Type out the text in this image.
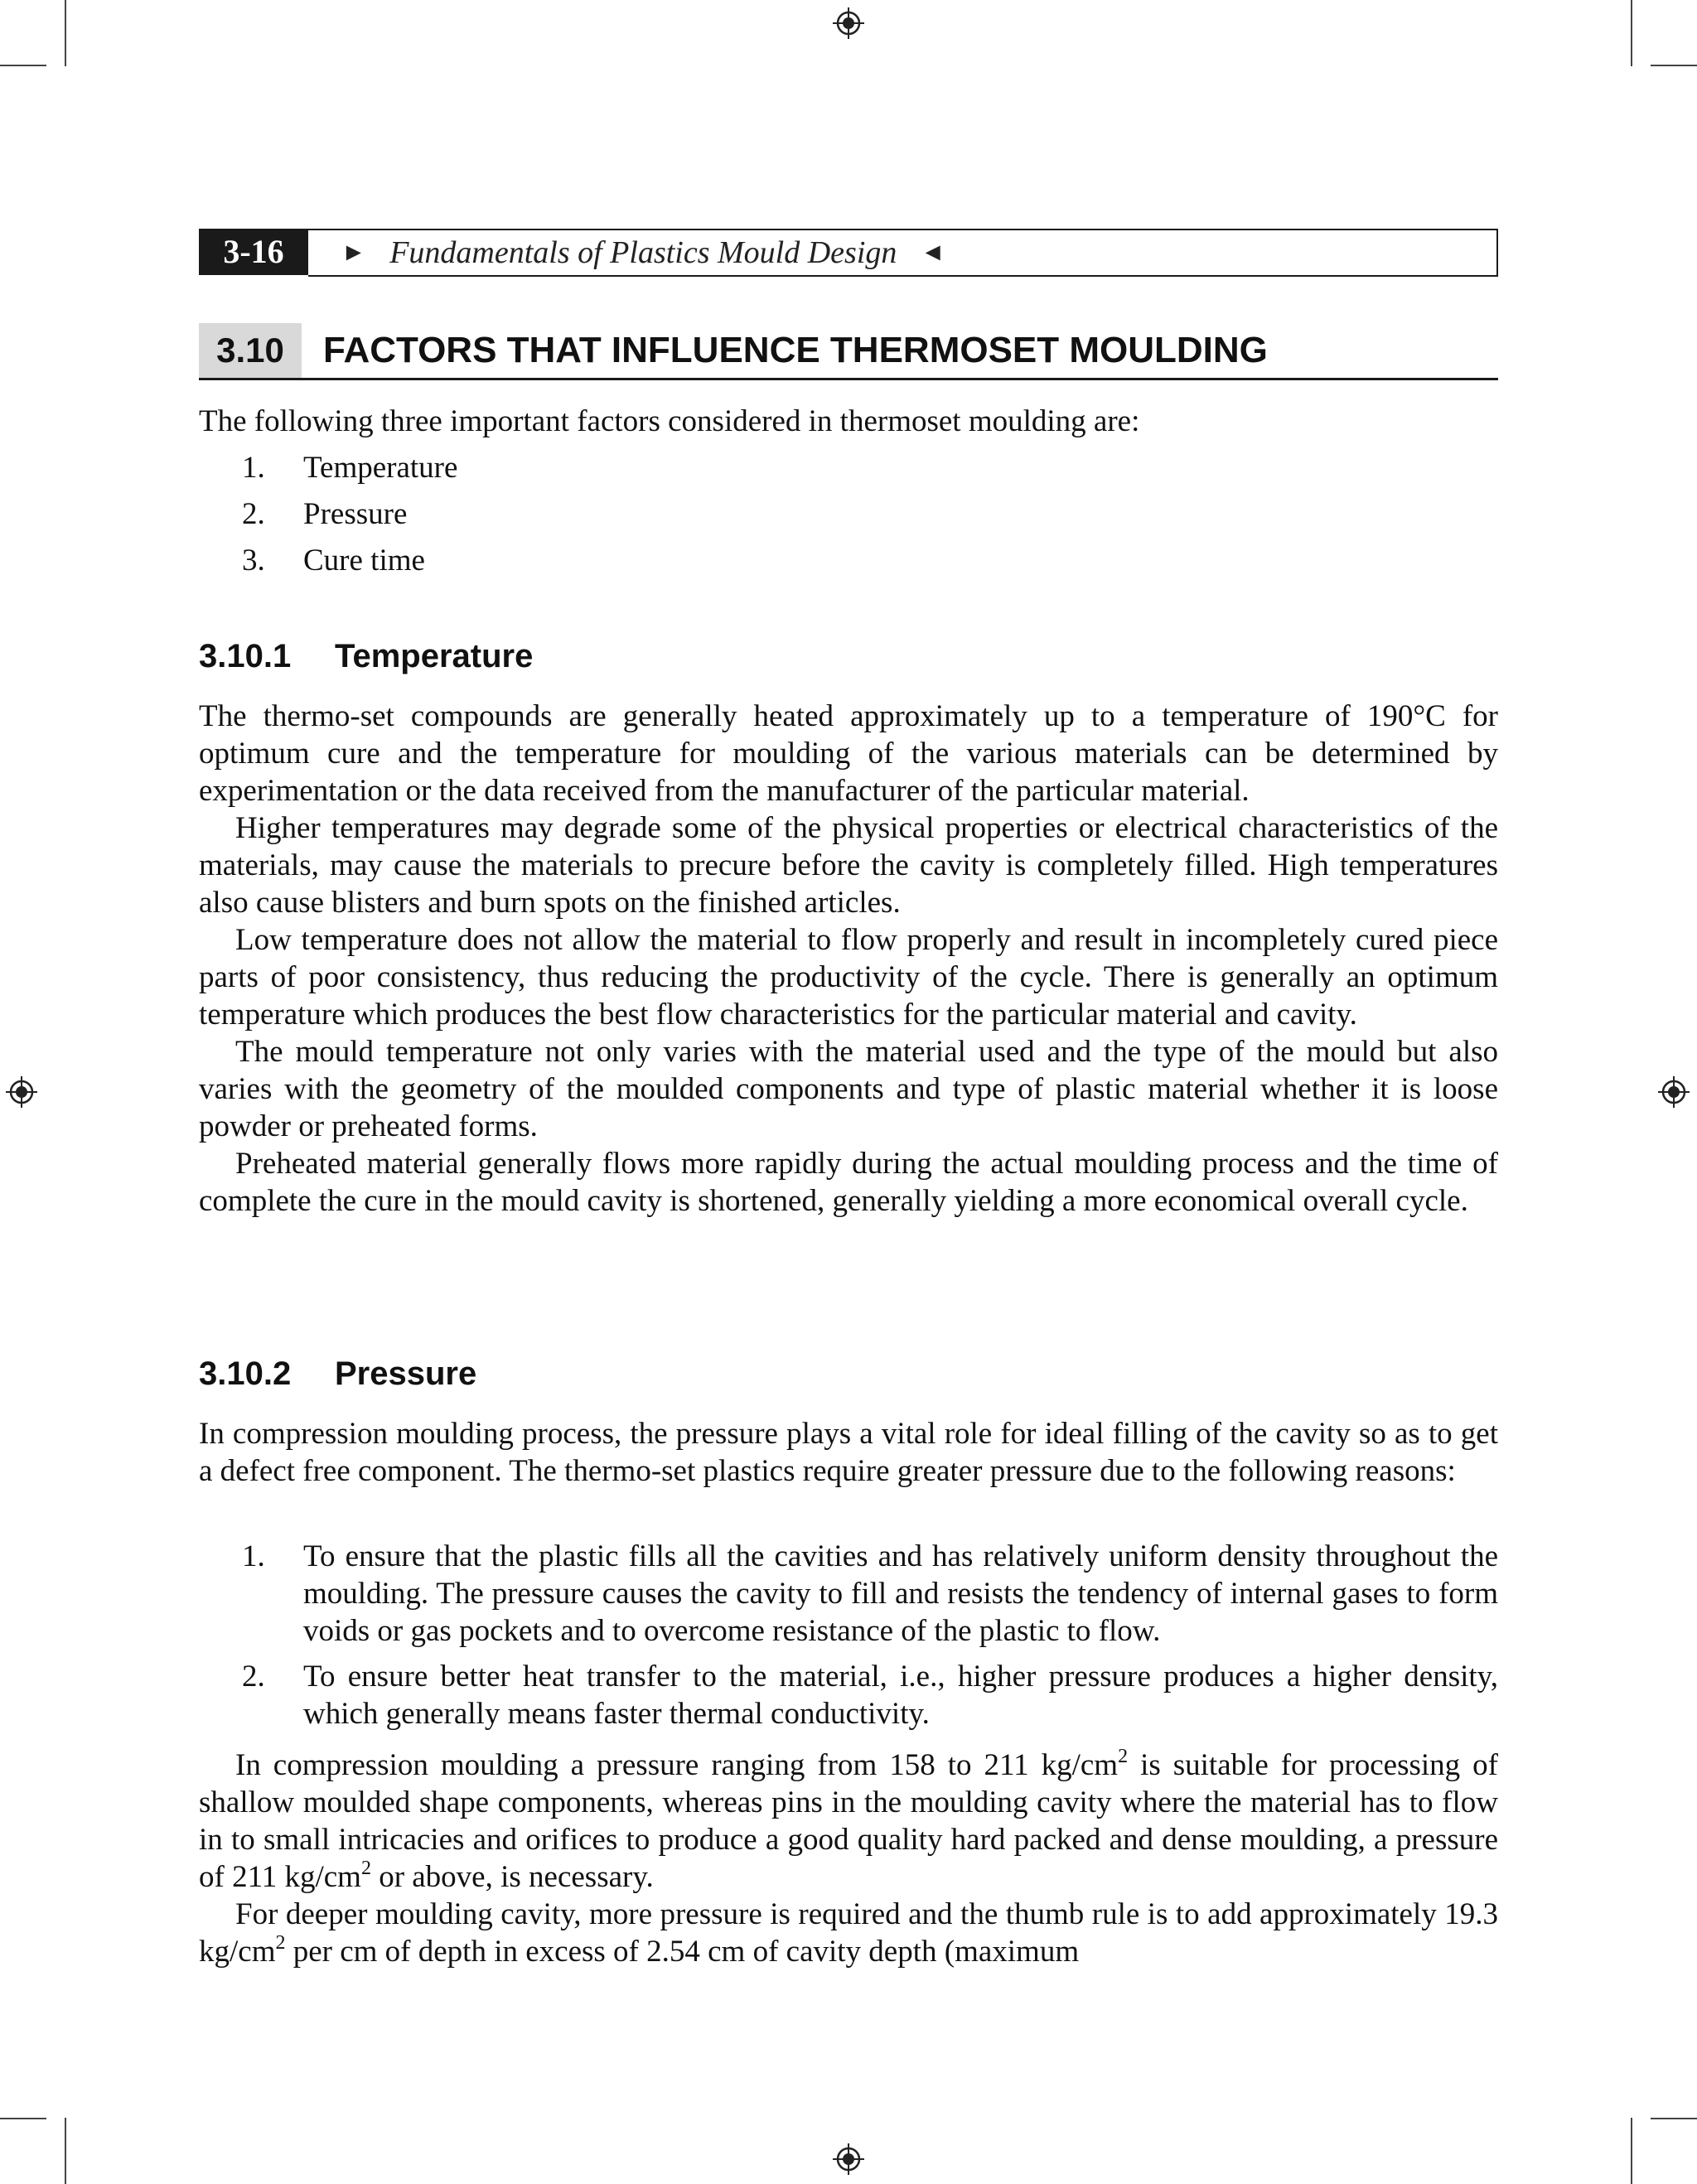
3-16	► Fundamentals of Plastics Mould Design ◄
3.10	FACTORS THAT INFLUENCE THERMOSET MOULDING

The following three important factors considered in thermoset moulding are:

1. Temperature
2. Pressure
3. Cure time
3.10.1 Temperature

The thermo-set compounds are generally heated approximately up to a temperature of 190°C for optimum cure and the temperature for moulding of the various materials can be determined by experimentation or the data received from the manufacturer of the particular material.

Higher temperatures may degrade some of the physical properties or electrical characteristics of the materials, may cause the materials to precure before the cavity is completely filled. High temperatures also cause blisters and burn spots on the finished articles.

Low temperature does not allow the material to flow properly and result in incompletely cured piece parts of poor consistency, thus reducing the productivity of the cycle. There is generally an optimum temperature which produces the best flow characteristics for the particular material and cavity.

The mould temperature not only varies with the material used and the type of the mould but also varies with the geometry of the moulded components and type of plastic material whether it is loose powder or preheated forms.

Preheated material generally flows more rapidly during the actual moulding process and the time of complete the cure in the mould cavity is shortened, generally yielding a more economical overall cycle.

3.10.2 Pressure

In compression moulding process, the pressure plays a vital role for ideal filling of the cavity so as to get a defect free component. The thermo-set plastics require greater pressure due to the following reasons:

1. To ensure that the plastic fills all the cavities and has relatively uniform density throughout the moulding. The pressure causes the cavity to fill and resists the tendency of internal gases to form voids or gas pockets and to overcome resistance of the plastic to flow.
2. To ensure better heat transfer to the material, i.e., higher pressure produces a higher density, which generally means faster thermal conductivity.

In compression moulding a pressure ranging from 158 to 211 $kg/cm^2$ is suitable for processing of shallow moulded shape components, whereas pins in the moulding cavity where the material has to flow in to small intricacies and orifices to produce a good quality hard packed and dense moulding, a pressure of 211 $kg/cm^2$ or above, is necessary.

For deeper moulding cavity, more pressure is required and the thumb rule is to add approximately 19.3 $kg/cm^2$ per cm of depth in excess of 2.54 cm of cavity depth (maximum
